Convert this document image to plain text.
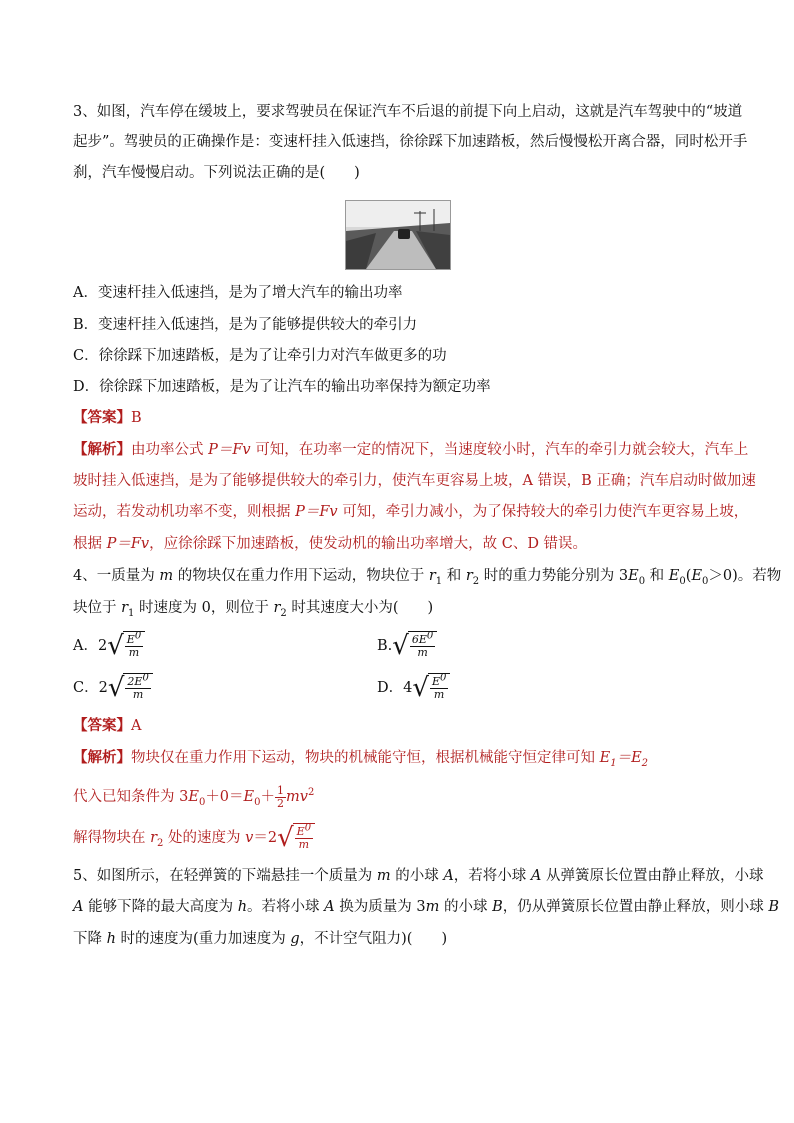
3、如图，汽车停在缓坡上，要求驾驶员在保证汽车不后退的前提下向上启动，这就是汽车驾驶中的“坡道
起步”。驾驶员的正确操作是：变速杆挂入低速挡，徐徐踩下加速踏板，然后慢慢松开离合器，同时松开手
刹，汽车慢慢启动。下列说法正确的是(　　)
A．变速杆挂入低速挡，是为了增大汽车的输出功率
B．变速杆挂入低速挡，是为了能够提供较大的牵引力
C．徐徐踩下加速踏板，是为了让牵引力对汽车做更多的功
D．徐徐踩下加速踏板，是为了让汽车的输出功率保持为额定功率
【答案】B
【解析】由功率公式 P＝Fv 可知，在功率一定的情况下，当速度较小时，汽车的牵引力就会较大，汽车上
坡时挂入低速挡，是为了能够提供较大的牵引力，使汽车更容易上坡，A 错误，B 正确；汽车启动时做加速
运动，若发动机功率不变，则根据 P＝Fv 可知，牵引力减小，为了保持较大的牵引力使汽车更容易上坡，
根据 P＝Fv，应徐徐踩下加速踏板，使发动机的输出功率增大，故 C、D 错误。
4、一质量为 m 的物块仅在重力作用下运动，物块位于 $r_1$ 和 $r_2$ 时的重力势能分别为 $3E_0$ 和 $E_0(E_0>0)$。若物
块位于 $r_1$ 时速度为 0，则位于 $r_2$ 时其速度大小为(　　)
A．2 √ $\frac{E0}{m}$	B. √ $\frac{6E0}{m}$
C．2 √ $\frac{2E0}{m}$	D．4 √ $\frac{E0}{m}$
【答案】A
【解析】物块仅在重力作用下运动，物块的机械能守恒，根据机械能守恒定律可知 $E_1=E_2$
代入已知条件为 $3E_0+0=E_0+ \frac{1}{2} mv^2$
解得物块在 $r_2$ 处的速度为 v＝2 √ $\frac{E0}{m}$
5、如图所示，在轻弹簧的下端悬挂一个质量为 m 的小球 A，若将小球 A 从弹簧原长位置由静止释放，小球
A 能够下降的最大高度为 h。若将小球 A 换为质量为 3m 的小球 B，仍从弹簧原长位置由静止释放，则小球 B
下降 h 时的速度为(重力加速度为 g，不计空气阻力)(　　)
